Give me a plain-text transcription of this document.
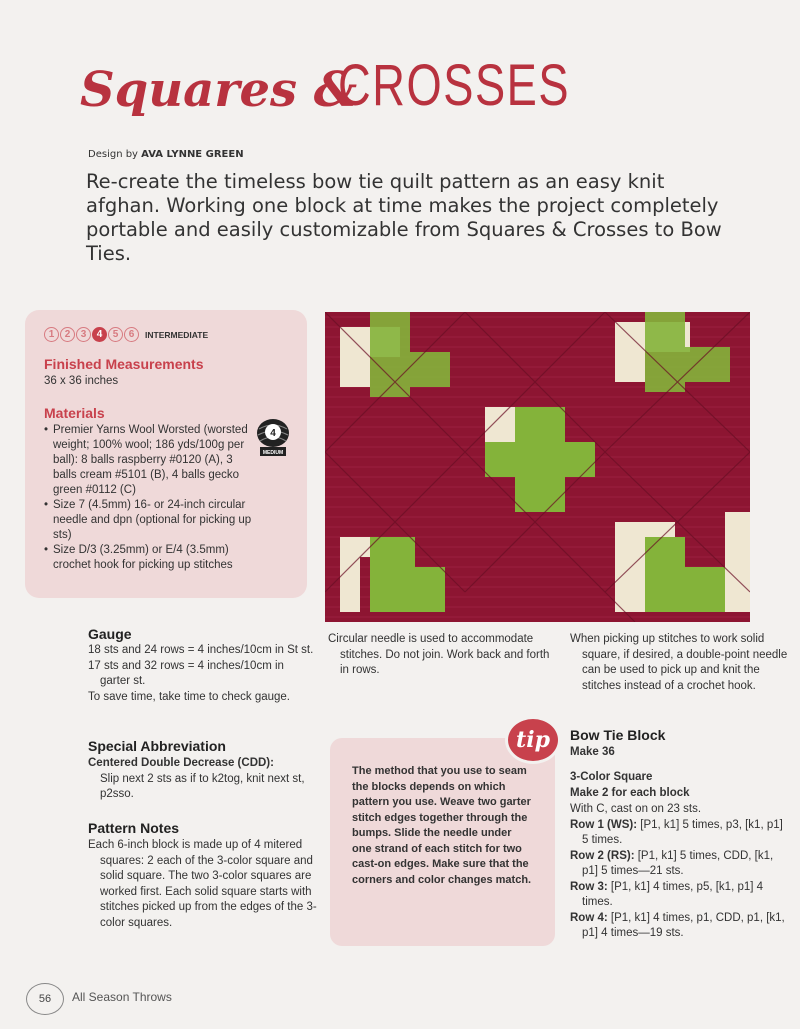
Squares &
CROSSES
Design by AVA LYNNE GREEN
Re-create the timeless bow tie quilt pattern as an easy knit afghan. Working one block at time makes the project completely portable and easily customizable from Squares & Crosses to Bow Ties.
1	2	3	4	5	6	INTERMEDIATE
Finished Measurements
36 x 36 inches
Materials
• Premier Yarns Wool Worsted (worsted weight; 100% wool; 186 yds/100g per ball): 8 balls raspberry #0120 (A), 3 balls cream #5101 (B), 4 balls gecko green #0112 (C)
• Size 7 (4.5mm) 16- or 24-inch circular needle and dpn (optional for picking up sts)
• Size D/3 (3.25mm) or E/4 (3.5mm) crochet hook for picking up stitches
4
MEDIUM
Gauge
18 sts and 24 rows = 4 inches/10cm in St st.
17 sts and 32 rows = 4 inches/10cm in garter st.
To save time, take time to check gauge.
Special Abbreviation
Centered Double Decrease (CDD):
Slip next 2 sts as if to k2tog, knit next st, p2sso.
Pattern Notes
Each 6-inch block is made up of 4 mitered squares: 2 each of the 3-color square and solid square. The two 3-color squares are worked first. Each solid square starts with stitches picked up from the edges of the 3-color squares.
Circular needle is used to accommodate stitches. Do not join. Work back and forth in rows.
When picking up stitches to work solid square, if desired, a double-point needle can be used to pick up and knit the stitches instead of a crochet hook.
tip
The method that you use to seam the blocks depends on which pattern you use. Weave two garter stitch edges together through the bumps. Slide the needle under one strand of each stitch for two cast-on edges. Make sure that the corners and color changes match.
Bow Tie Block
Make 36
3-Color Square
Make 2 for each block
With C, cast on on 23 sts.
Row 1 (WS): [P1, k1] 5 times, p3, [k1, p1] 5 times.
Row 2 (RS): [P1, k1] 5 times, CDD, [k1, p1] 5 times—21 sts.
Row 3: [P1, k1] 4 times, p5, [k1, p1] 4 times.
Row 4: [P1, k1] 4 times, p1, CDD, p1, [k1, p1] 4 times—19 sts.
56	All Season Throws
